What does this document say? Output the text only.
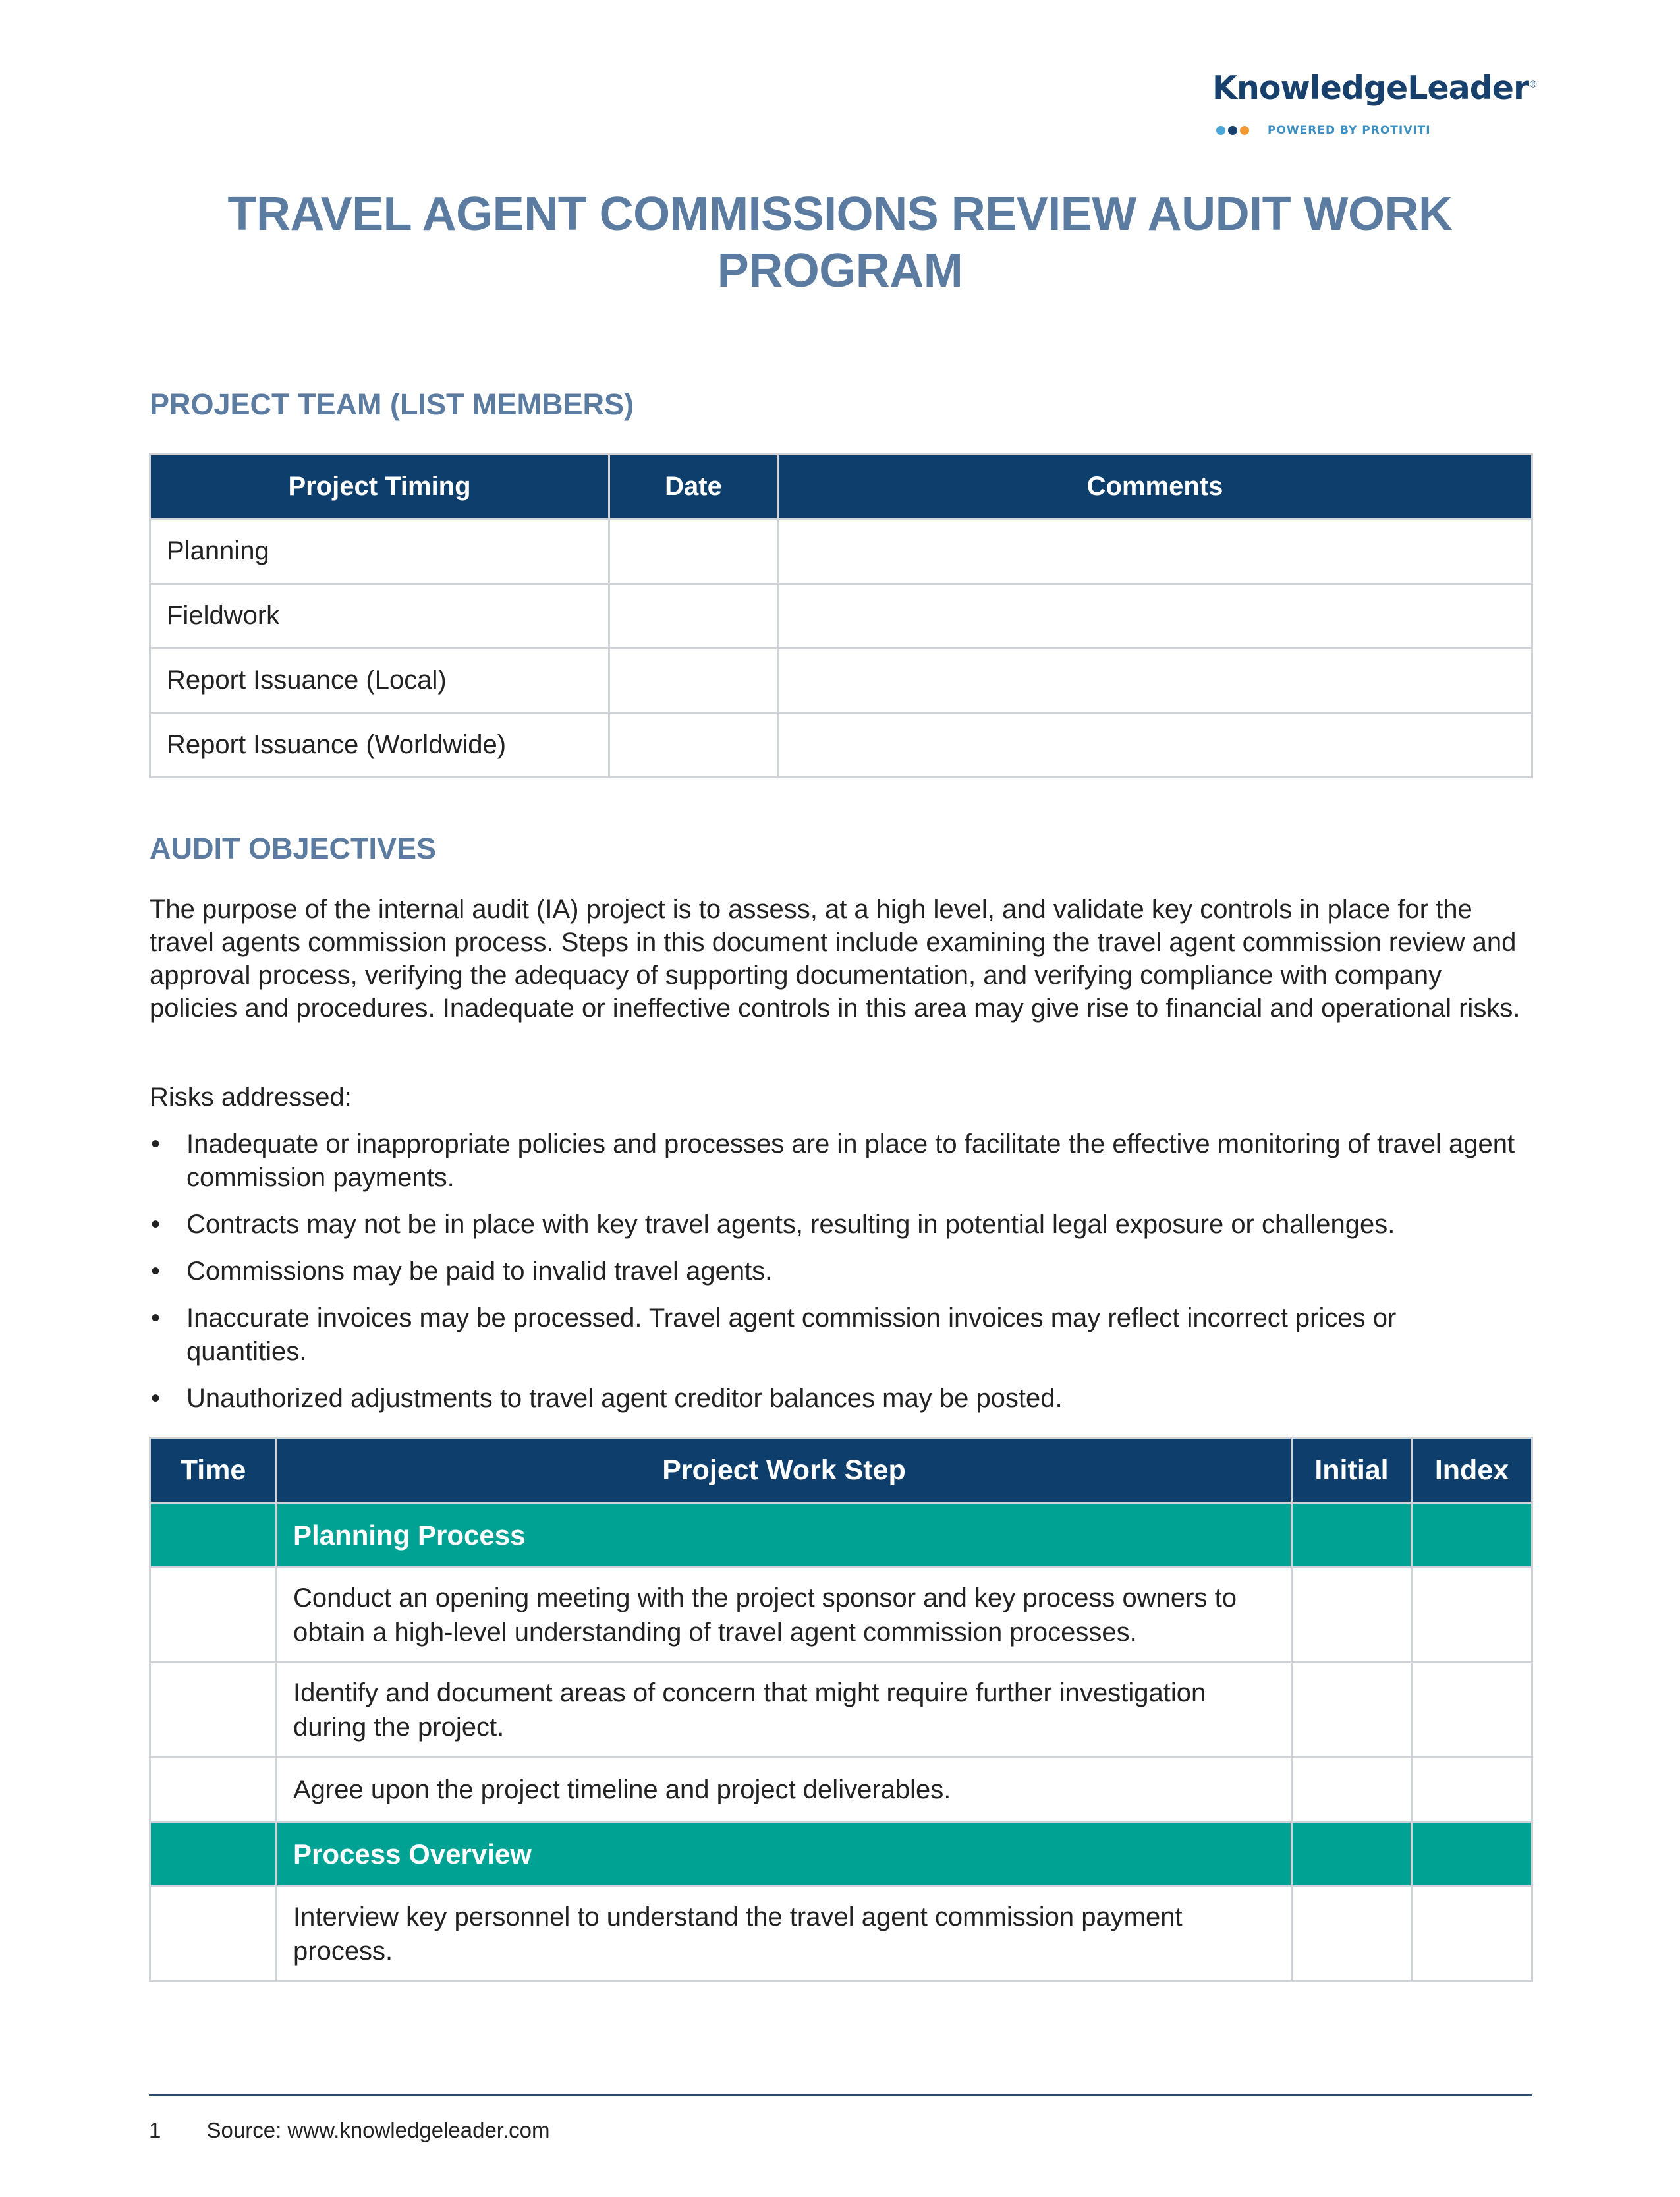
KnowledgeLeader®
POWERED BY PROTIVITI
TRAVEL AGENT COMMISSIONS REVIEW AUDIT WORK PROGRAM
PROJECT TEAM (LIST MEMBERS)
Project Timing	Date	Comments
Planning		
Fieldwork		
Report Issuance (Local)		
Report Issuance (Worldwide)		
AUDIT OBJECTIVES
The purpose of the internal audit (IA) project is to assess, at a high level, and validate key controls in place for the travel agents commission process. Steps in this document include examining the travel agent commission review and approval process, verifying the adequacy of supporting documentation, and verifying compliance with company policies and procedures. Inadequate or ineffective controls in this area may give rise to financial and operational risks.
Risks addressed:
• Inadequate or inappropriate policies and processes are in place to facilitate the effective monitoring of travel agent commission payments.
• Contracts may not be in place with key travel agents, resulting in potential legal exposure or challenges.
• Commissions may be paid to invalid travel agents.
• Inaccurate invoices may be processed. Travel agent commission invoices may reflect incorrect prices or quantities.
• Unauthorized adjustments to travel agent creditor balances may be posted.
Time	Project Work Step	Initial	Index
	Planning Process		
	Conduct an opening meeting with the project sponsor and key process owners to obtain a high-level understanding of travel agent commission processes.		
	Identify and document areas of concern that might require further investigation during the project.		
	Agree upon the project timeline and project deliverables.		
	Process Overview		
	Interview key personnel to understand the travel agent commission payment process.		
1 Source: www.knowledgeleader.com
